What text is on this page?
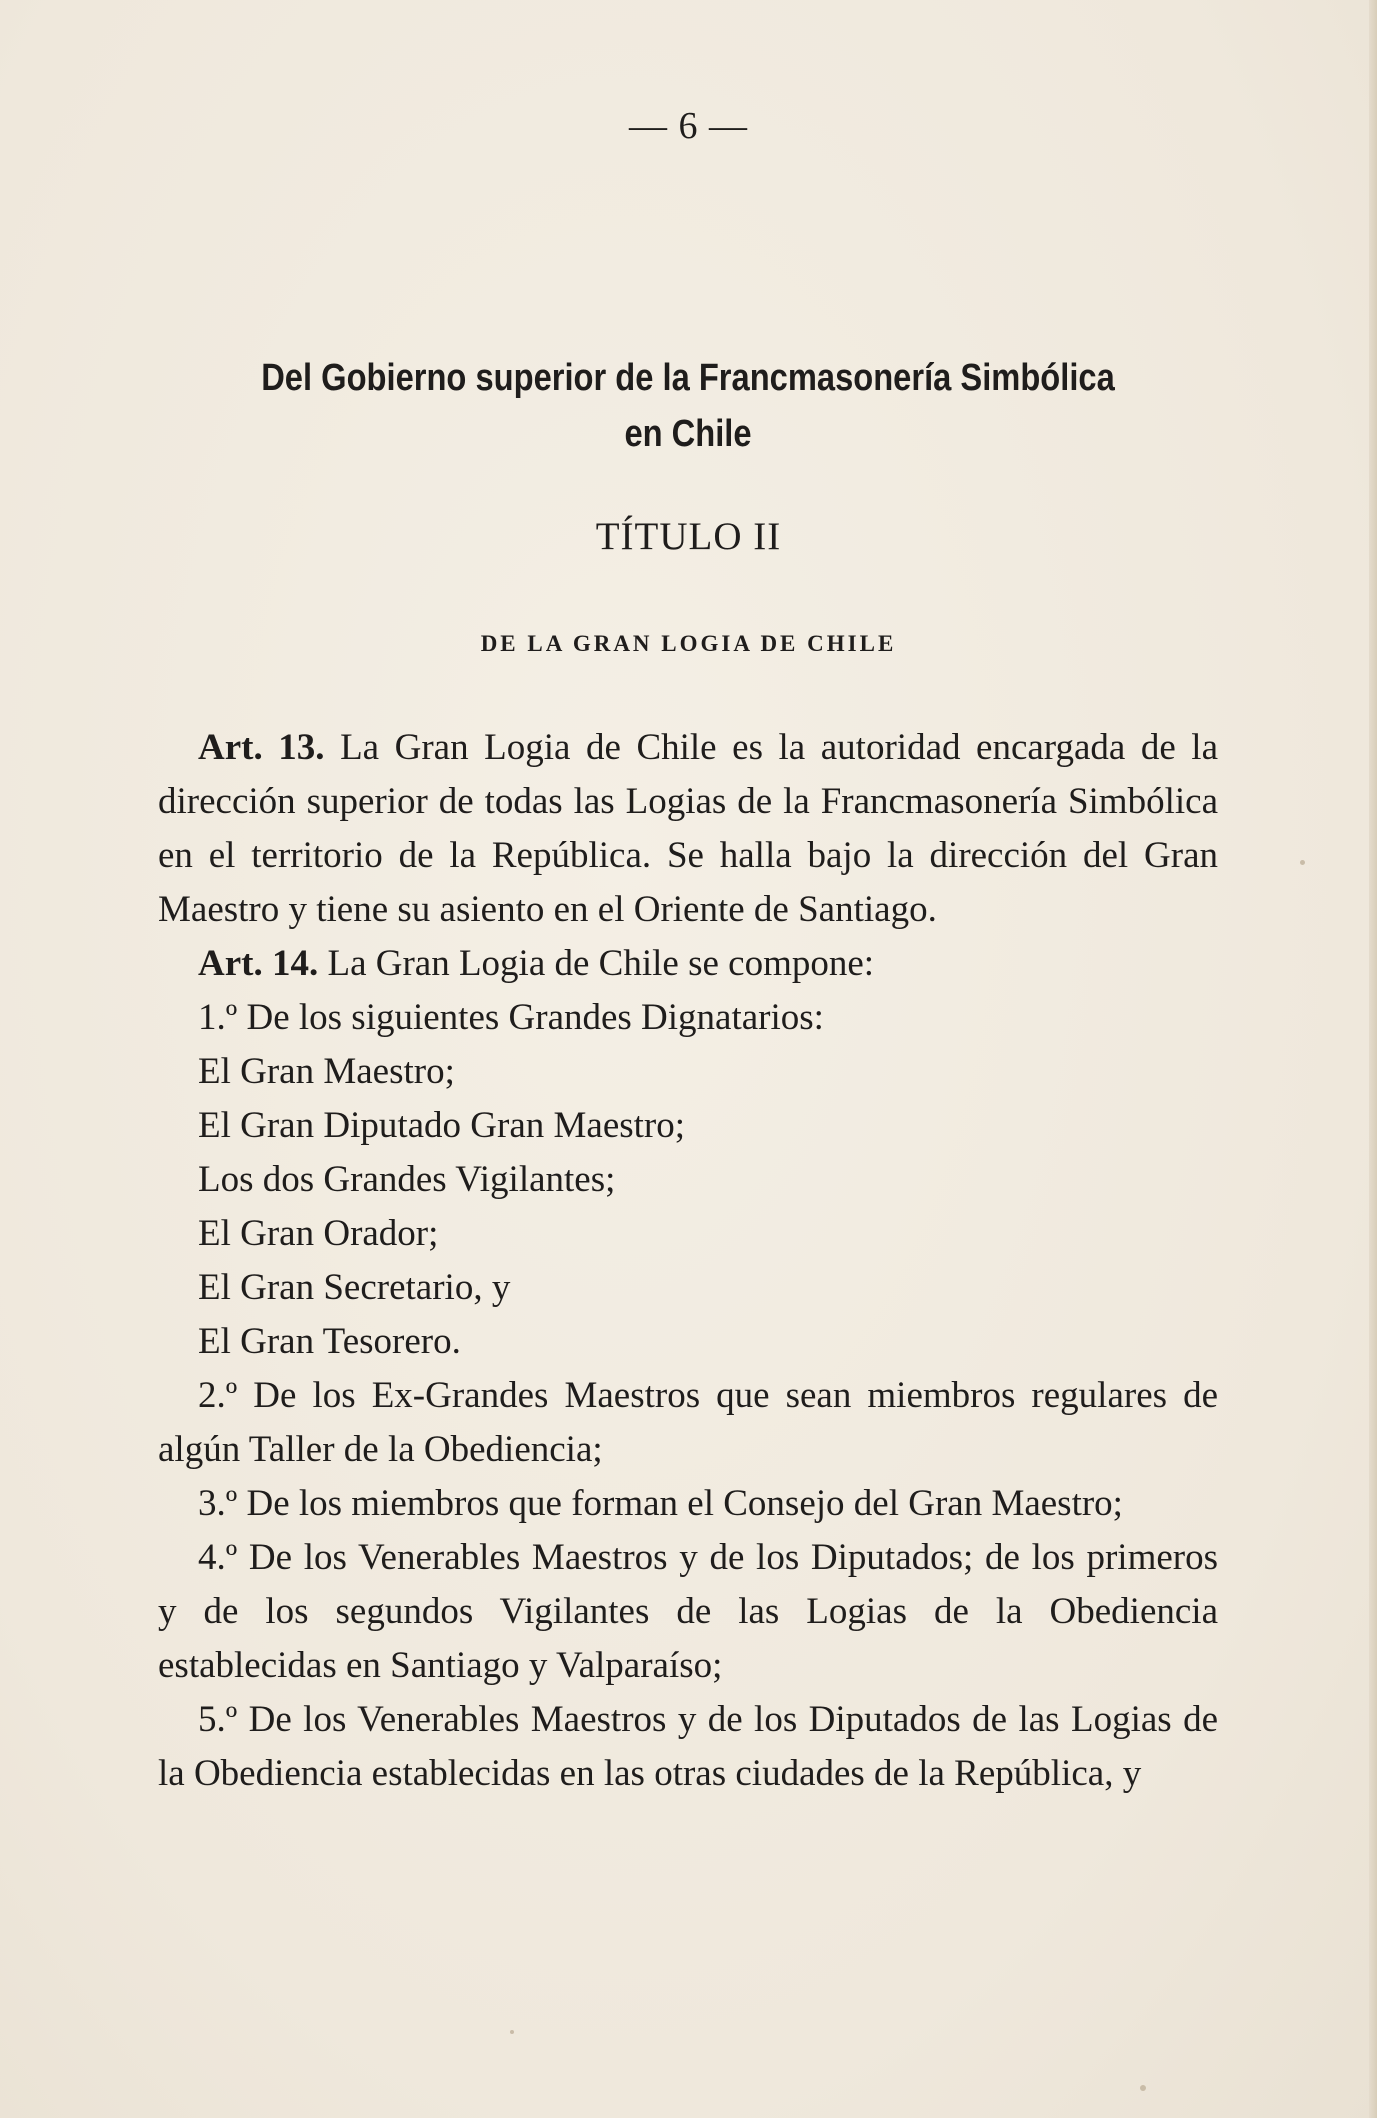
— 6 —
Del Gobierno superior de la Francmasonería Simbólica
en Chile
TÍTULO II
DE LA GRAN LOGIA DE CHILE

Art. 13. La Gran Logia de Chile es la autoridad encargada de la dirección superior de todas las Logias de la Francmasonería Simbólica en el territorio de la República. Se halla bajo la dirección del Gran Maestro y tiene su asiento en el Oriente de Santiago.

Art. 14. La Gran Logia de Chile se compone:

1.º De los siguientes Grandes Dignatarios:

El Gran Maestro;

El Gran Diputado Gran Maestro;

Los dos Grandes Vigilantes;

El Gran Orador;

El Gran Secretario, y

El Gran Tesorero.

2.º De los Ex-Grandes Maestros que sean miembros regulares de algún Taller de la Obediencia;

3.º De los miembros que forman el Consejo del Gran Maestro;

4.º De los Venerables Maestros y de los Diputados; de los primeros y de los segundos Vigilantes de las Logias de la Obediencia establecidas en Santiago y Valparaíso;

5.º De los Venerables Maestros y de los Diputados de las Logias de la Obediencia establecidas en las otras ciudades de la República, y
